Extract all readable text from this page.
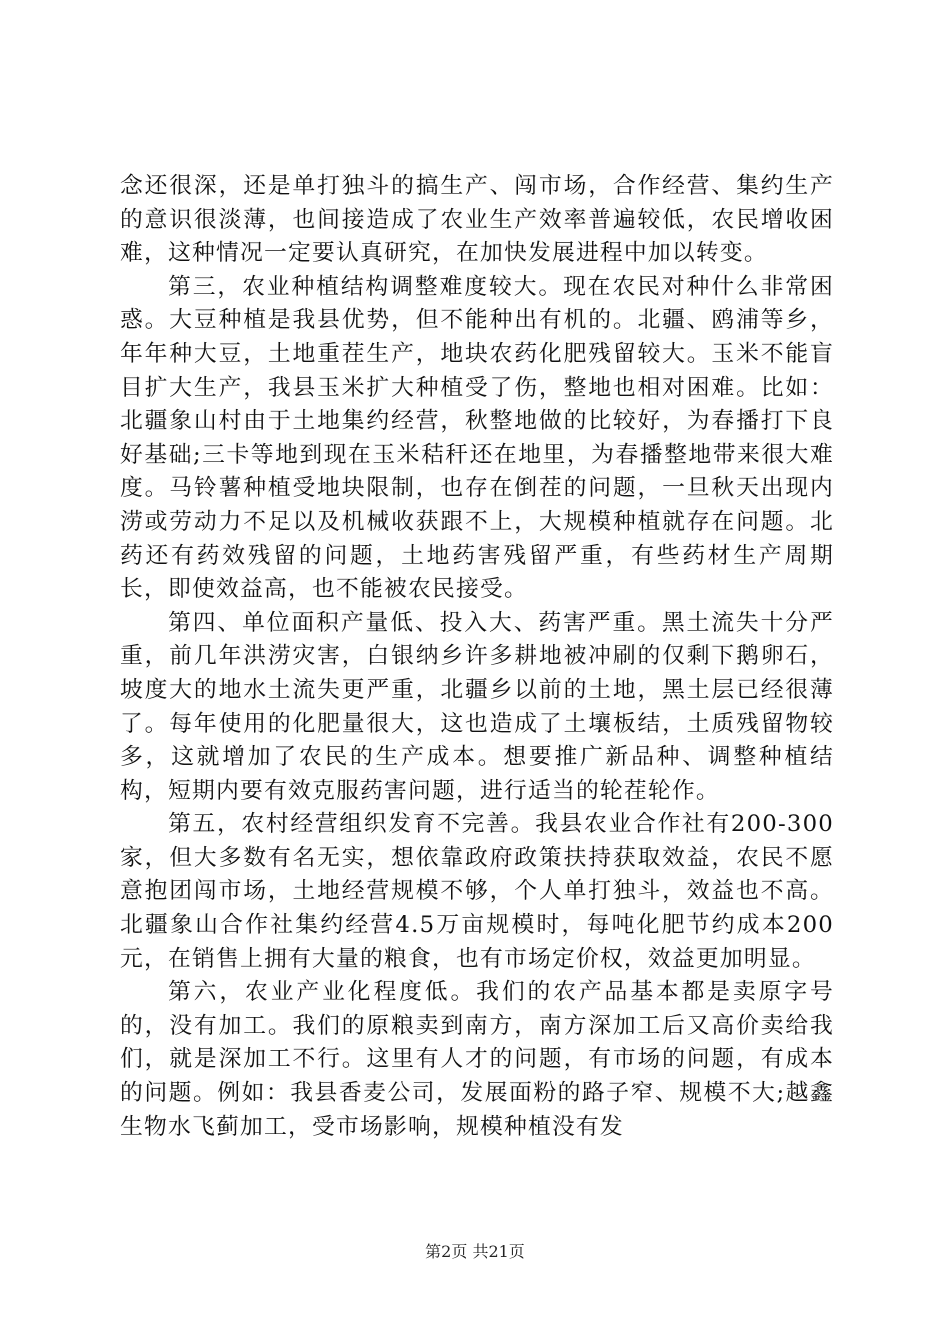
念还很深，还是单打独斗的搞生产、闯市场，合作经营、集约生产的意识很淡薄，也间接造成了农业生产效率普遍较低，农民增收困难，这种情况一定要认真研究，在加快发展进程中加以转变。

第三，农业种植结构调整难度较大。现在农民对种什么非常困惑。大豆种植是我县优势，但不能种出有机的。北疆、鸥浦等乡，年年种大豆，土地重茬生产，地块农药化肥残留较大。玉米不能盲目扩大生产，我县玉米扩大种植受了伤，整地也相对困难。比如：北疆象山村由于土地集约经营，秋整地做的比较好，为春播打下良好基础;三卡等地到现在玉米秸秆还在地里，为春播整地带来很大难度。马铃薯种植受地块限制，也存在倒茬的问题，一旦秋天出现内涝或劳动力不足以及机械收获跟不上，大规模种植就存在问题。北药还有药效残留的问题，土地药害残留严重，有些药材生产周期长，即使效益高，也不能被农民接受。

第四、单位面积产量低、投入大、药害严重。黑土流失十分严重，前几年洪涝灾害，白银纳乡许多耕地被冲刷的仅剩下鹅卵石，坡度大的地水土流失更严重，北疆乡以前的土地，黑土层已经很薄了。每年使用的化肥量很大，这也造成了土壤板结，土质残留物较多，这就增加了农民的生产成本。想要推广新品种、调整种植结构，短期内要有效克服药害问题，进行适当的轮茬轮作。

第五，农村经营组织发育不完善。我县农业合作社有200-300家，但大多数有名无实，想依靠政府政策扶持获取效益，农民不愿意抱团闯市场，土地经营规模不够，个人单打独斗，效益也不高。北疆象山合作社集约经营4.5万亩规模时，每吨化肥节约成本200元，在销售上拥有大量的粮食，也有市场定价权，效益更加明显。

第六，农业产业化程度低。我们的农产品基本都是卖原字号的，没有加工。我们的原粮卖到南方，南方深加工后又高价卖给我们，就是深加工不行。这里有人才的问题，有市场的问题，有成本的问题。例如：我县香麦公司，发展面粉的路子窄、规模不大;越鑫生物水飞蓟加工，受市场影响，规模种植没有发

第2页 共21页
